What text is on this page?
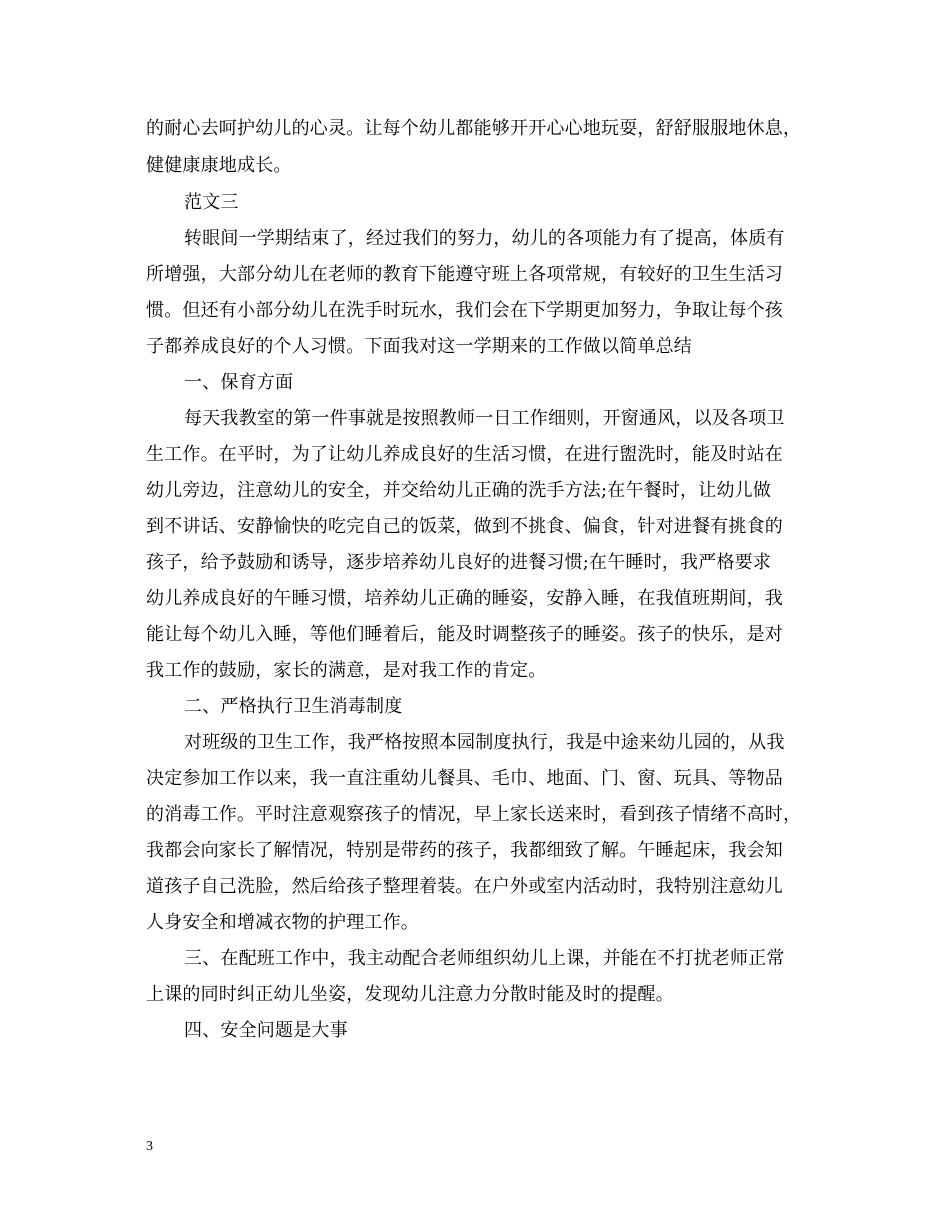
的耐心去呵护幼儿的心灵。让每个幼儿都能够开开心心地玩耍，舒舒服服地休息，
健健康康地成长。
范文三
转眼间一学期结束了，经过我们的努力，幼儿的各项能力有了提高，体质有
所增强，大部分幼儿在老师的教育下能遵守班上各项常规，有较好的卫生生活习
惯。但还有小部分幼儿在洗手时玩水，我们会在下学期更加努力，争取让每个孩
子都养成良好的个人习惯。下面我对这一学期来的工作做以简单总结
一、保育方面
每天我教室的第一件事就是按照教师一日工作细则，开窗通风，以及各项卫
生工作。在平时，为了让幼儿养成良好的生活习惯，在进行盥洗时，能及时站在
幼儿旁边，注意幼儿的安全，并交给幼儿正确的洗手方法;在午餐时，让幼儿做
到不讲话、安静愉快的吃完自己的饭菜，做到不挑食、偏食，针对进餐有挑食的
孩子，给予鼓励和诱导，逐步培养幼儿良好的进餐习惯;在午睡时，我严格要求
幼儿养成良好的午睡习惯，培养幼儿正确的睡姿，安静入睡，在我值班期间，我
能让每个幼儿入睡，等他们睡着后，能及时调整孩子的睡姿。孩子的快乐，是对
我工作的鼓励，家长的满意，是对我工作的肯定。
二、严格执行卫生消毒制度
对班级的卫生工作，我严格按照本园制度执行，我是中途来幼儿园的，从我
决定参加工作以来，我一直注重幼儿餐具、毛巾、地面、门、窗、玩具、等物品
的消毒工作。平时注意观察孩子的情况，早上家长送来时，看到孩子情绪不高时，
我都会向家长了解情况，特别是带药的孩子，我都细致了解。午睡起床，我会知
道孩子自己洗脸，然后给孩子整理着装。在户外或室内活动时，我特别注意幼儿
人身安全和增减衣物的护理工作。
三、在配班工作中，我主动配合老师组织幼儿上课，并能在不打扰老师正常
上课的同时纠正幼儿坐姿，发现幼儿注意力分散时能及时的提醒。
四、安全问题是大事
3
